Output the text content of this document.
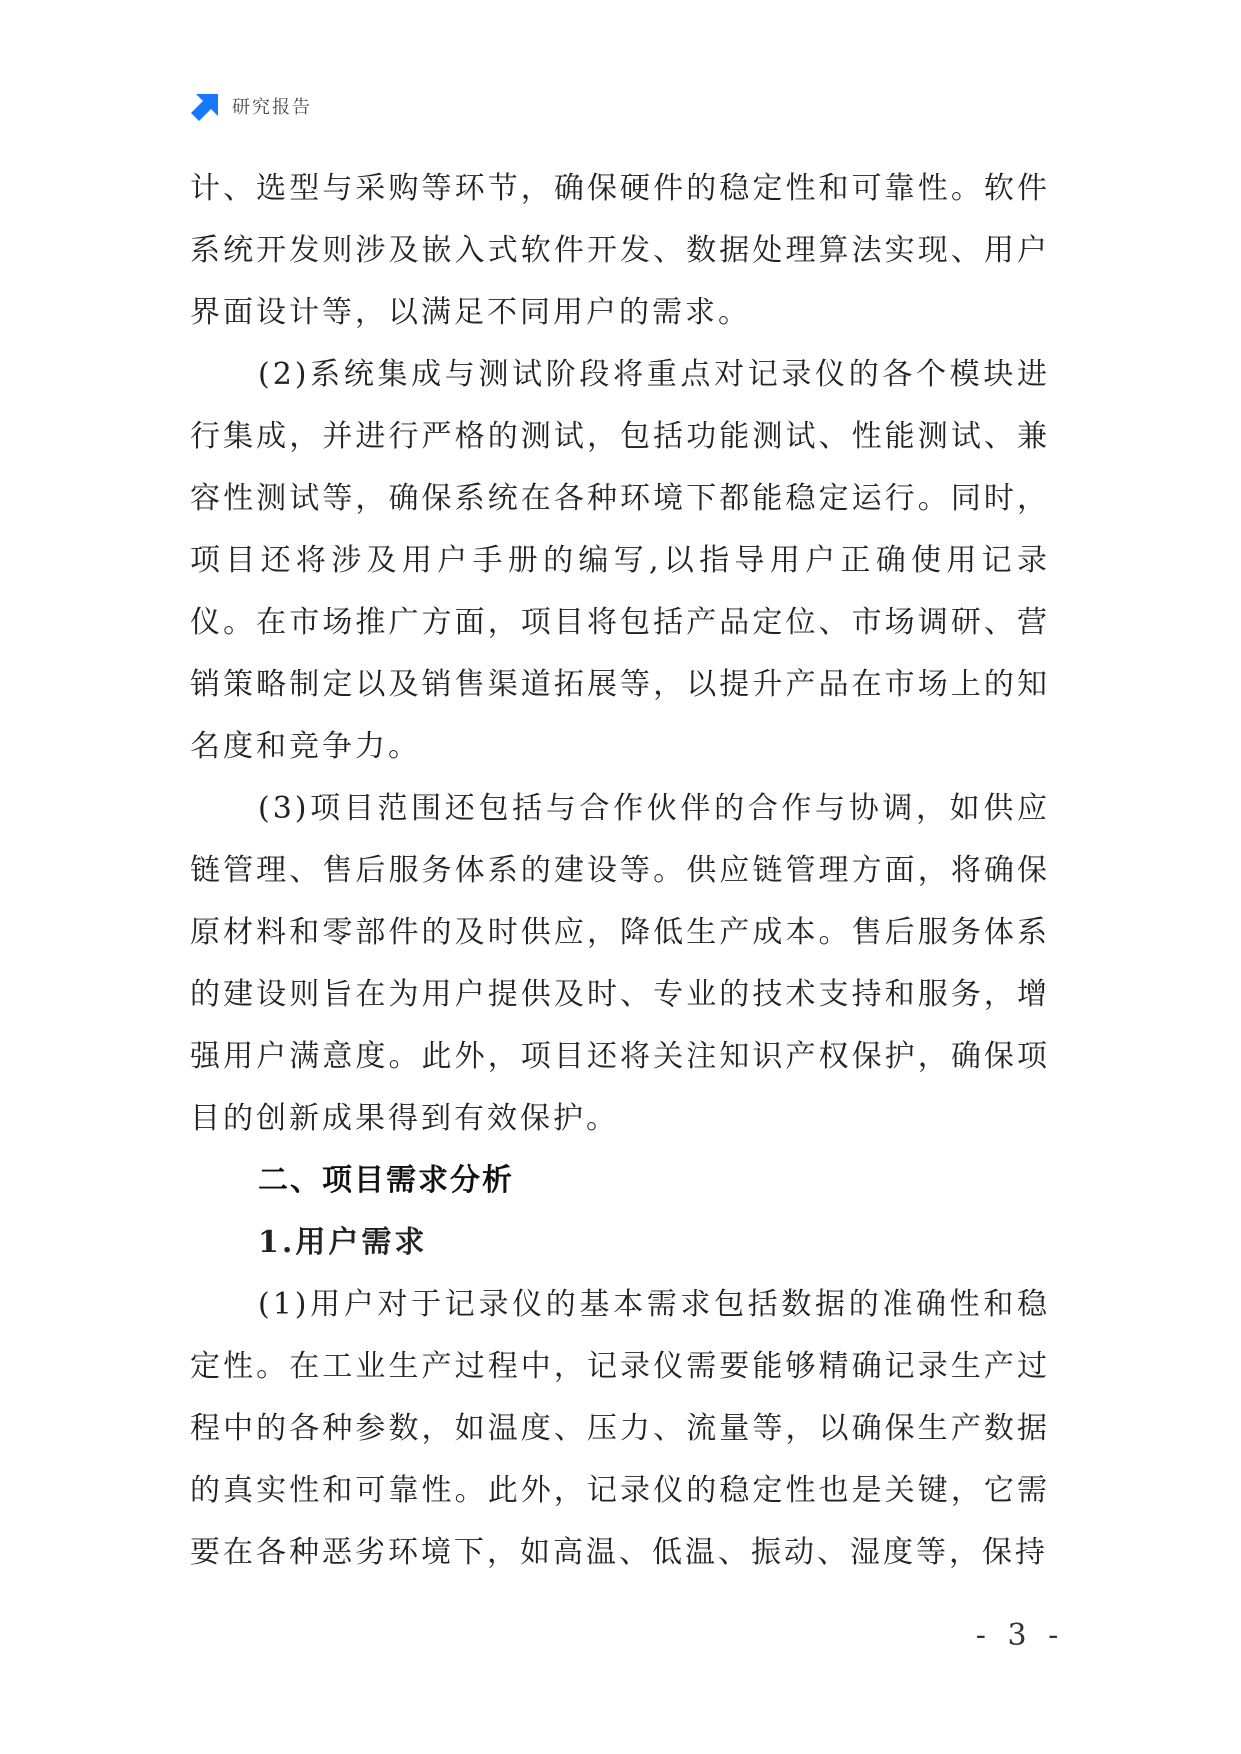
研究报告

计、选型与采购等环节，确保硬件的稳定性和可靠性。软件系统开发则涉及嵌入式软件开发、数据处理算法实现、用户界面设计等，以满足不同用户的需求。

(2)系统集成与测试阶段将重点对记录仪的各个模块进行集成，并进行严格的测试，包括功能测试、性能测试、兼容性测试等，确保系统在各种环境下都能稳定运行。同时，项目还将涉及用户手册的编写,以指导用户正确使用记录仪。在市场推广方面，项目将包括产品定位、市场调研、营销策略制定以及销售渠道拓展等，以提升产品在市场上的知名度和竞争力。

(3)项目范围还包括与合作伙伴的合作与协调，如供应链管理、售后服务体系的建设等。供应链管理方面，将确保原材料和零部件的及时供应，降低生产成本。售后服务体系的建设则旨在为用户提供及时、专业的技术支持和服务，增强用户满意度。此外，项目还将关注知识产权保护，确保项目的创新成果得到有效保护。

二、项目需求分析
1.用户需求

(1)用户对于记录仪的基本需求包括数据的准确性和稳定性。在工业生产过程中，记录仪需要能够精确记录生产过程中的各种参数，如温度、压力、流量等，以确保生产数据的真实性和可靠性。此外，记录仪的稳定性也是关键，它需要在各种恶劣环境下，如高温、低温、振动、湿度等，保持

- 3 -
